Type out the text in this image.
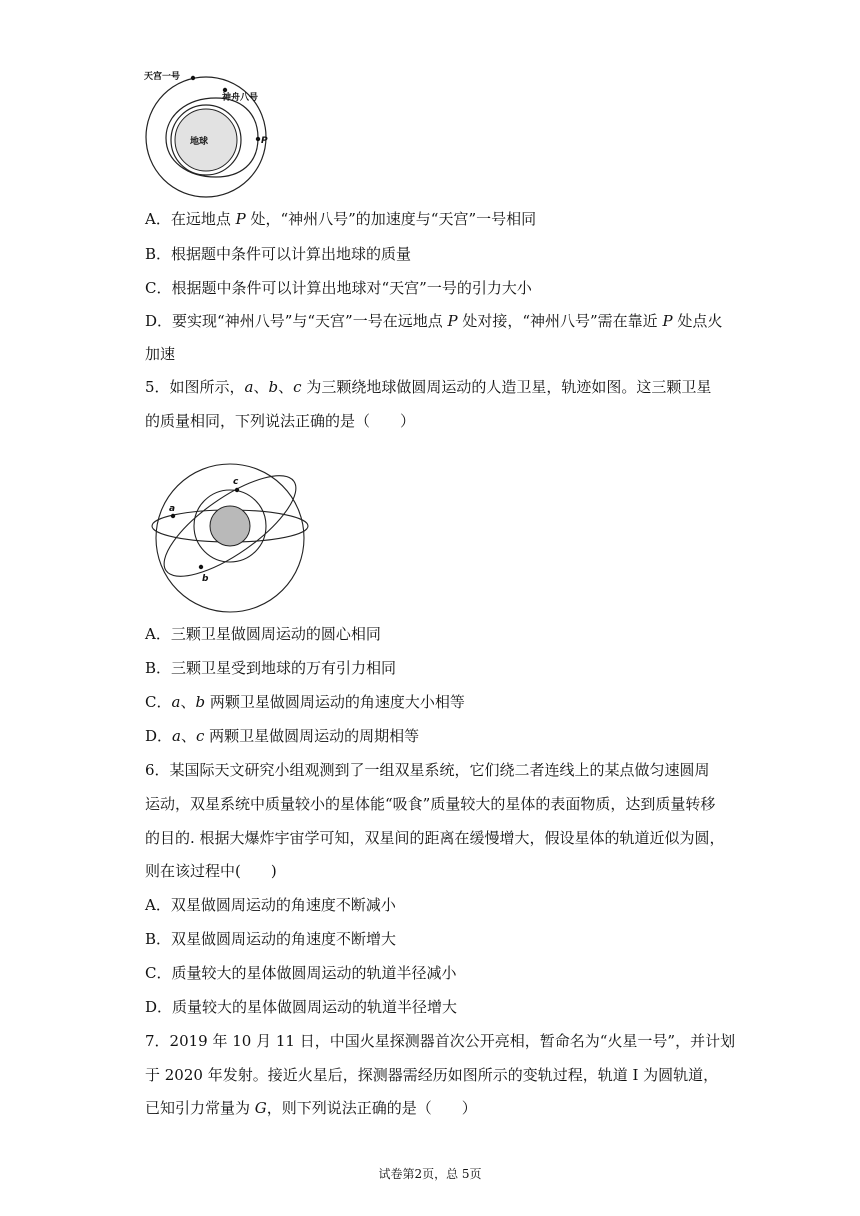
地球
天宫一号
神舟八号
P
A．在远地点 P 处，“神州八号”的加速度与“天宫”一号相同
B．根据题中条件可以计算出地球的质量
C．根据题中条件可以计算出地球对“天宫”一号的引力大小
D．要实现“神州八号”与“天宫”一号在远地点 P 处对接，“神州八号”需在靠近 P 处点火
加速
5．如图所示，a、b、c 为三颗绕地球做圆周运动的人造卫星，轨迹如图。这三颗卫星
的质量相同，下列说法正确的是（　　）
a
b
c
A．三颗卫星做圆周运动的圆心相同
B．三颗卫星受到地球的万有引力相同
C．a、b 两颗卫星做圆周运动的角速度大小相等
D．a、c 两颗卫星做圆周运动的周期相等
6．某国际天文研究小组观测到了一组双星系统，它们绕二者连线上的某点做匀速圆周
运动，双星系统中质量较小的星体能“吸食”质量较大的星体的表面物质，达到质量转移
的目的. 根据大爆炸宇宙学可知，双星间的距离在缓慢增大，假设星体的轨道近似为圆，
则在该过程中(　　)
A．双星做圆周运动的角速度不断减小
B．双星做圆周运动的角速度不断增大
C．质量较大的星体做圆周运动的轨道半径减小
D．质量较大的星体做圆周运动的轨道半径增大
7．2019 年 10 月 11 日，中国火星探测器首次公开亮相，暂命名为“火星一号”，并计划
于 2020 年发射。接近火星后，探测器需经历如图所示的变轨过程，轨道 I 为圆轨道，
已知引力常量为 G，则下列说法正确的是（　　）
试卷第2页，总 5页
